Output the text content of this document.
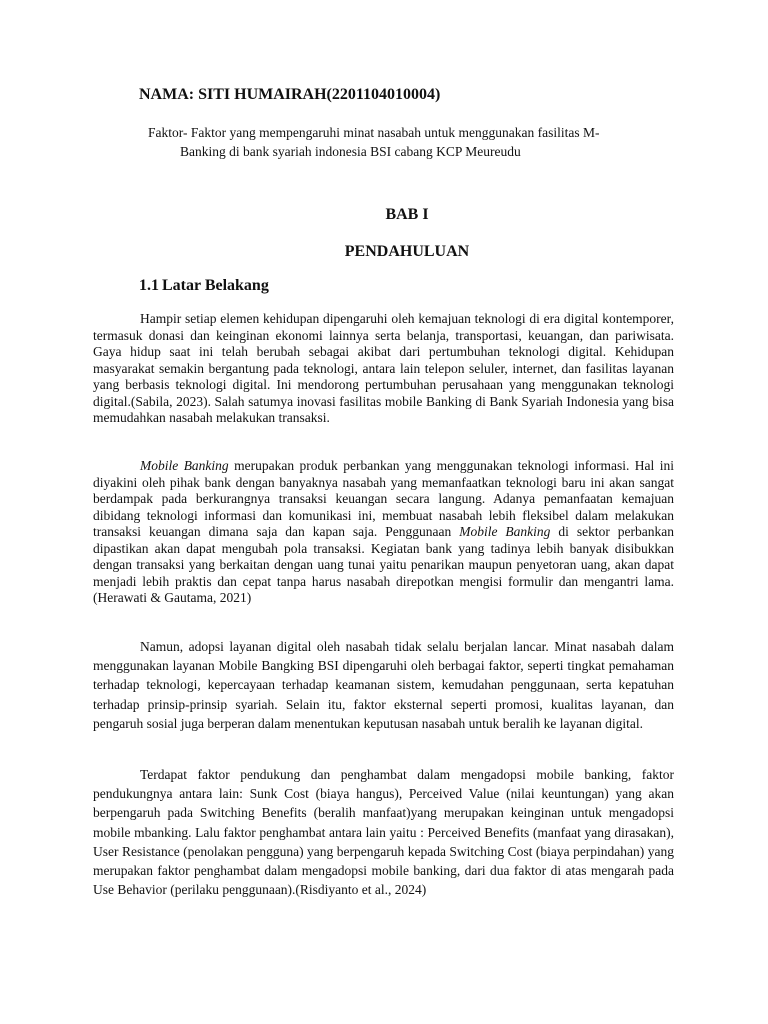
NAMA: SITI HUMAIRAH(2201104010004)
Faktor- Faktor yang mempengaruhi minat nasabah untuk menggunakan fasilitas M-
Banking di bank syariah indonesia BSI cabang KCP Meureudu
BAB I
PENDAHULUAN
1.1 Latar Belakang

Hampir setiap elemen kehidupan dipengaruhi oleh kemajuan teknologi di era digital kontemporer, termasuk donasi dan keinginan ekonomi lainnya serta belanja, transportasi, keuangan, dan pariwisata. Gaya hidup saat ini telah berubah sebagai akibat dari pertumbuhan teknologi digital. Kehidupan masyarakat semakin bergantung pada teknologi, antara lain telepon seluler, internet, dan fasilitas layanan yang berbasis teknologi digital. Ini mendorong pertumbuhan perusahaan yang menggunakan teknologi digital.(Sabila, 2023). Salah satumya inovasi fasilitas mobile Banking di Bank Syariah Indonesia yang bisa memudahkan nasabah melakukan transaksi.

Mobile Banking merupakan produk perbankan yang menggunakan teknologi informasi. Hal ini diyakini oleh pihak bank dengan banyaknya nasabah yang memanfaatkan teknologi baru ini akan sangat berdampak pada berkurangnya transaksi keuangan secara langung. Adanya pemanfaatan kemajuan dibidang teknologi informasi dan komunikasi ini, membuat nasabah lebih fleksibel dalam melakukan transaksi keuangan dimana saja dan kapan saja. Penggunaan Mobile Banking di sektor perbankan dipastikan akan dapat mengubah pola transaksi. Kegiatan bank yang tadinya lebih banyak disibukkan dengan transaksi yang berkaitan dengan uang tunai yaitu penarikan maupun penyetoran uang, akan dapat menjadi lebih praktis dan cepat tanpa harus nasabah direpotkan mengisi formulir dan mengantri lama.(Herawati & Gautama, 2021)

Namun, adopsi layanan digital oleh nasabah tidak selalu berjalan lancar. Minat nasabah dalam menggunakan layanan Mobile Bangking BSI dipengaruhi oleh berbagai faktor, seperti tingkat pemahaman terhadap teknologi, kepercayaan terhadap keamanan sistem, kemudahan penggunaan, serta kepatuhan terhadap prinsip-prinsip syariah. Selain itu, faktor eksternal seperti promosi, kualitas layanan, dan pengaruh sosial juga berperan dalam menentukan keputusan nasabah untuk beralih ke layanan digital.

Terdapat faktor pendukung dan penghambat dalam mengadopsi mobile banking, faktor pendukungnya antara lain: Sunk Cost (biaya hangus), Perceived Value (nilai keuntungan) yang akan berpengaruh pada Switching Benefits (beralih manfaat)yang merupakan keinginan untuk mengadopsi mobile mbanking. Lalu faktor penghambat antara lain yaitu : Perceived Benefits (manfaat yang dirasakan), User Resistance (penolakan pengguna) yang berpengaruh kepada Switching Cost (biaya perpindahan) yang merupakan faktor penghambat dalam mengadopsi mobile banking, dari dua faktor di atas mengarah pada Use Behavior (perilaku penggunaan).(Risdiyanto et al., 2024)
